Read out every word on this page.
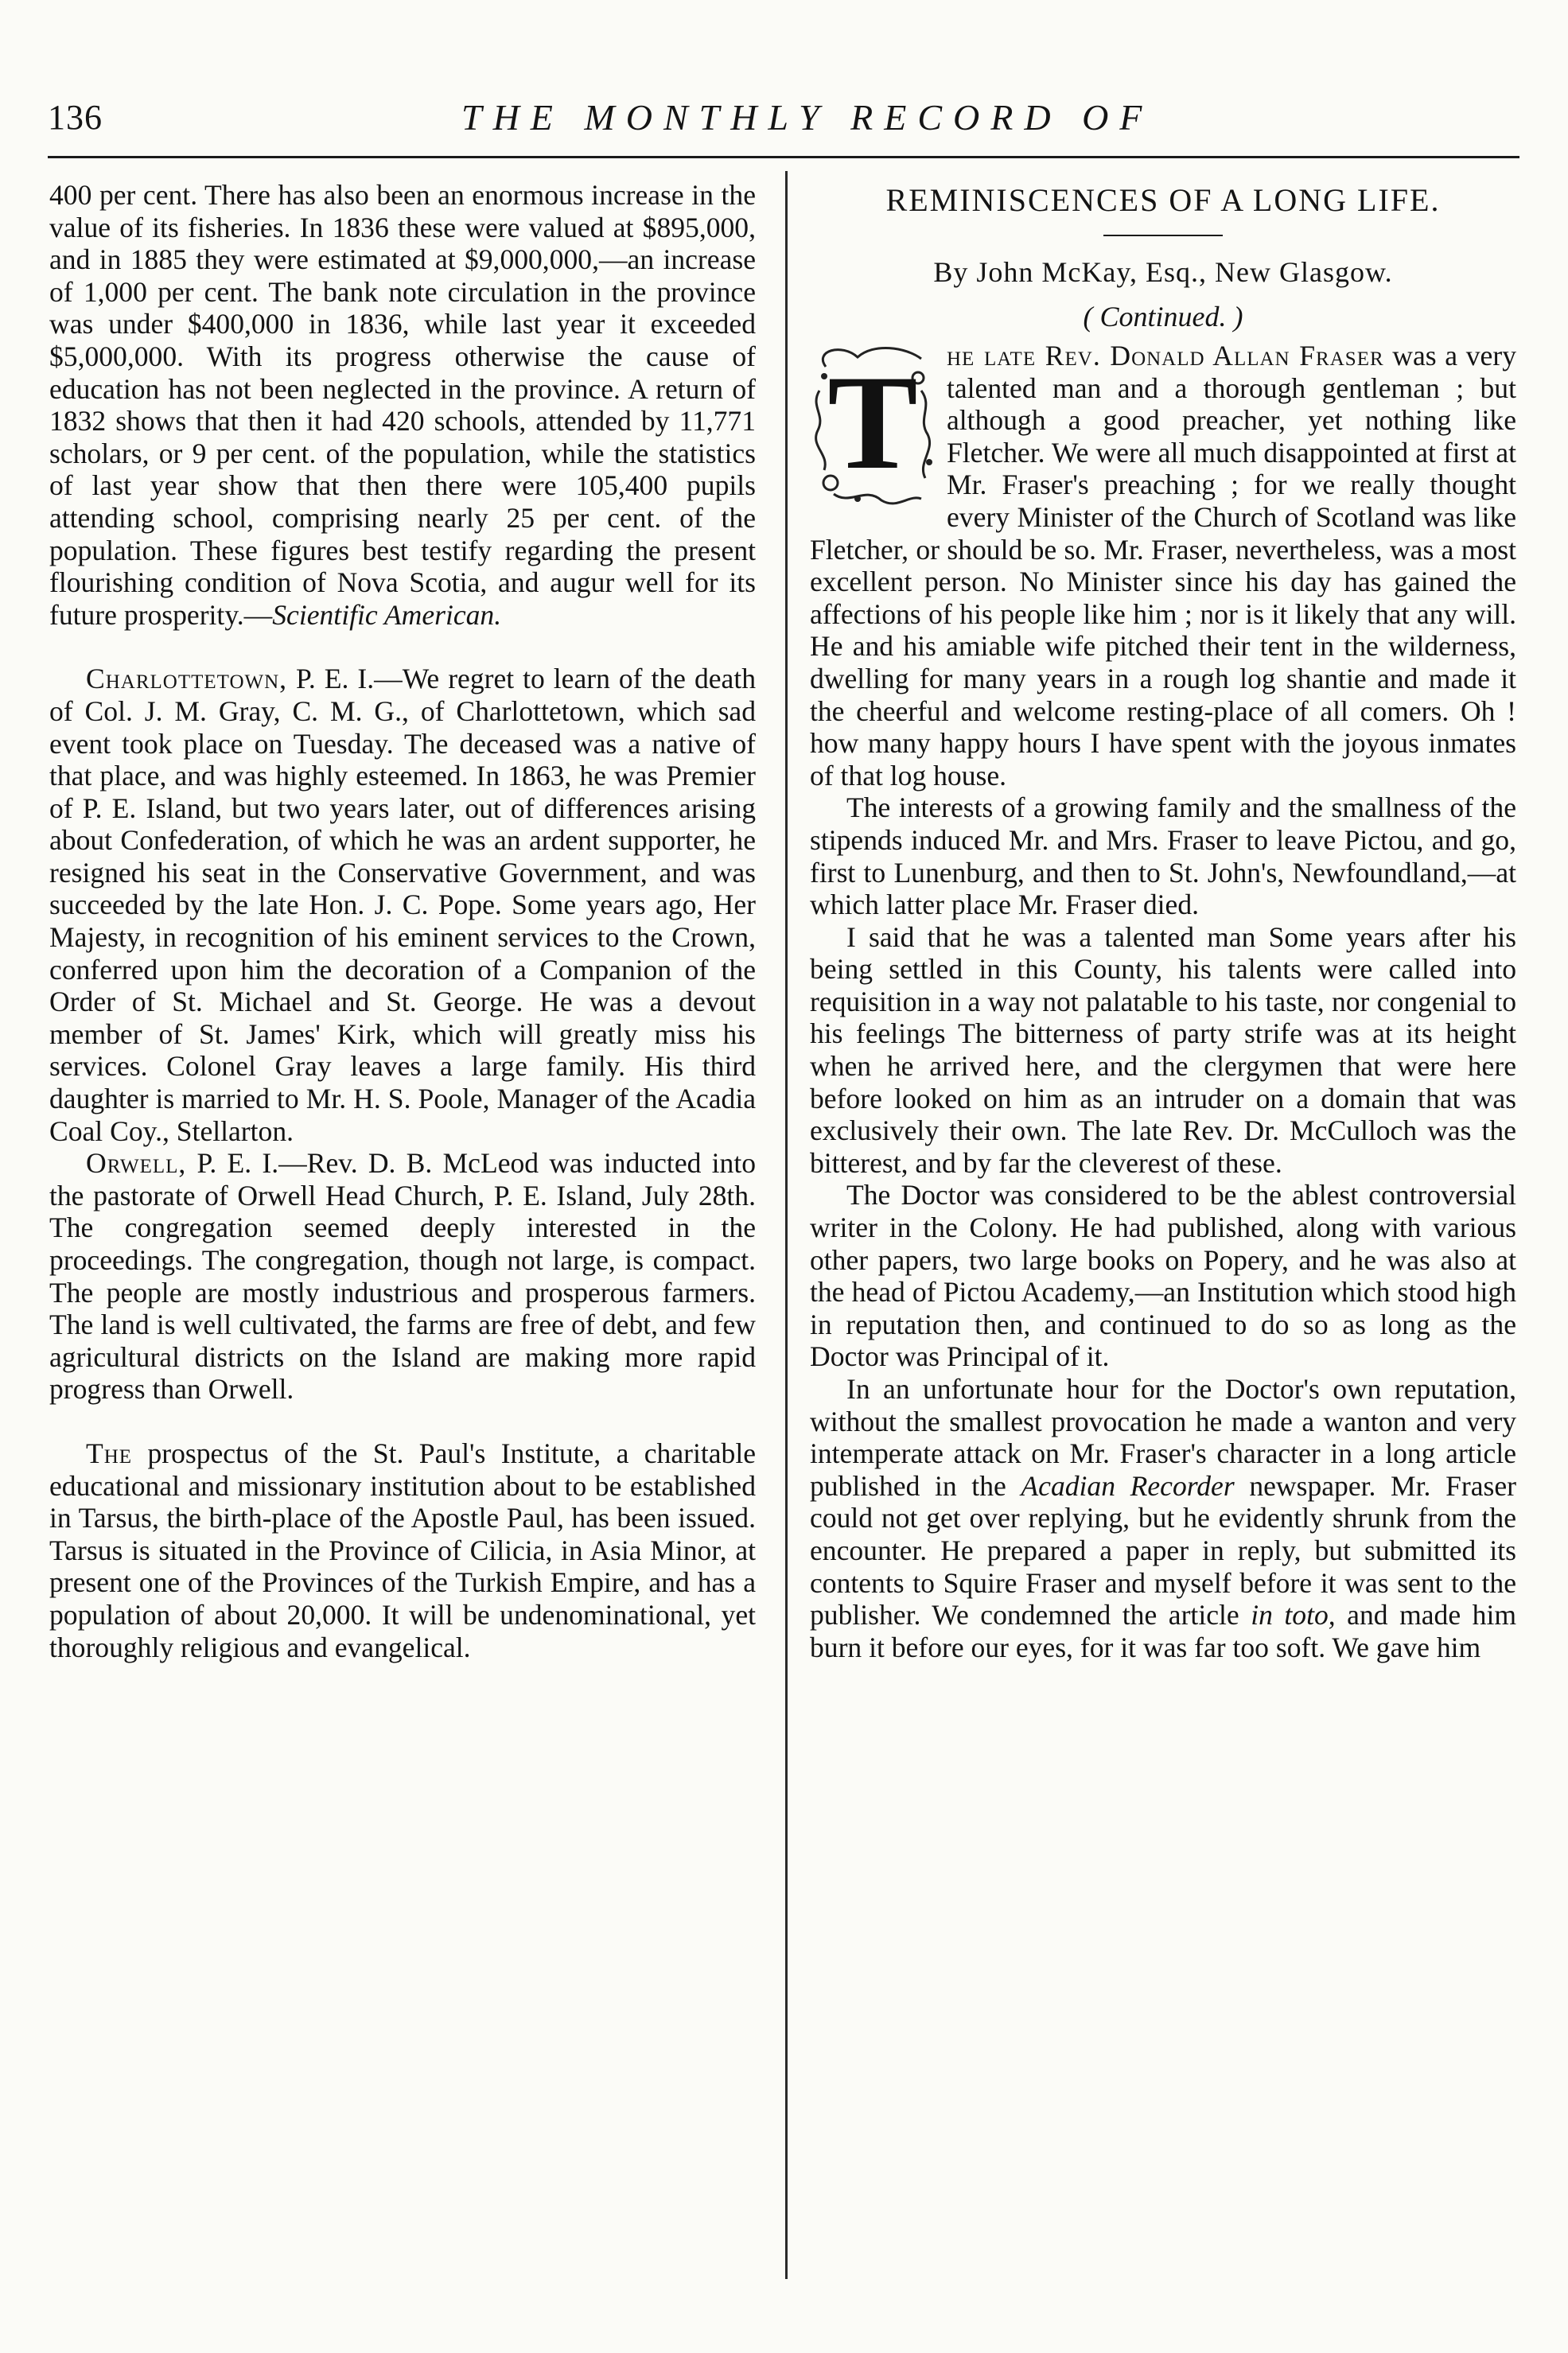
136	THE MONTHLY RECORD OF

400 per cent. There has also been an enormous increase in the value of its fisheries. In 1836 these were valued at $895,000, and in 1885 they were estimated at $9,000,000,—an increase of 1,000 per cent. The bank note circulation in the province was under $400,000 in 1836, while last year it exceeded $5,000,000. With its progress otherwise the cause of education has not been neglected in the province. A return of 1832 shows that then it had 420 schools, attended by 11,771 scholars, or 9 per cent. of the population, while the statistics of last year show that then there were 105,400 pupils attending school, comprising nearly 25 per cent. of the population. These figures best testify regarding the present flourishing condition of Nova Scotia, and augur well for its future prosperity.—Scientific American.

Charlottetown, P. E. I.—We regret to learn of the death of Col. J. M. Gray, C. M. G., of Charlottetown, which sad event took place on Tuesday. The deceased was a native of that place, and was highly esteemed. In 1863, he was Premier of P. E. Island, but two years later, out of differences arising about Confederation, of which he was an ardent supporter, he resigned his seat in the Conservative Government, and was succeeded by the late Hon. J. C. Pope. Some years ago, Her Majesty, in recognition of his eminent services to the Crown, conferred upon him the decoration of a Companion of the Order of St. Michael and St. George. He was a devout member of St. James' Kirk, which will greatly miss his services. Colonel Gray leaves a large family. His third daughter is married to Mr. H. S. Poole, Manager of the Acadia Coal Coy., Stellarton.

Orwell, P. E. I.—Rev. D. B. McLeod was inducted into the pastorate of Orwell Head Church, P. E. Island, July 28th. The congregation seemed deeply interested in the proceedings. The congregation, though not large, is compact. The people are mostly industrious and prosperous farmers. The land is well cultivated, the farms are free of debt, and few agricultural districts on the Island are making more rapid progress than Orwell.

The prospectus of the St. Paul's Institute, a charitable educational and missionary institution about to be established in Tarsus, the birth-place of the Apostle Paul, has been issued. Tarsus is situated in the Province of Cilicia, in Asia Minor, at present one of the Provinces of the Turkish Empire, and has a population of about 20,000. It will be undenominational, yet thoroughly religious and evangelical.

REMINISCENCES OF A LONG LIFE.
By John McKay, Esq., New Glasgow.
( Continued. )

T	he late Rev. Donald Allan Fraser was a very talented man and a thorough gentleman ; but although a good preacher, yet nothing like Fletcher. We were all much disappointed at first at Mr. Fraser's preaching ; for we really thought every Minister of the Church of Scotland was like Fletcher, or should be so. Mr. Fraser, nevertheless, was a most excellent person. No Minister since his day has gained the affections of his people like him ; nor is it likely that any will. He and his amiable wife pitched their tent in the wilderness, dwelling for many years in a rough log shantie and made it the cheerful and welcome resting-place of all comers. Oh ! how many happy hours I have spent with the joyous inmates of that log house.

The interests of a growing family and the smallness of the stipends induced Mr. and Mrs. Fraser to leave Pictou, and go, first to Lunenburg, and then to St. John's, Newfoundland,—at which latter place Mr. Fraser died.

I said that he was a talented man Some years after his being settled in this County, his talents were called into requisition in a way not palatable to his taste, nor congenial to his feelings The bitterness of party strife was at its height when he arrived here, and the clergymen that were here before looked on him as an intruder on a domain that was exclusively their own. The late Rev. Dr. McCulloch was the bitterest, and by far the cleverest of these.

The Doctor was considered to be the ablest controversial writer in the Colony. He had published, along with various other papers, two large books on Popery, and he was also at the head of Pictou Academy,—an Institution which stood high in reputation then, and continued to do so as long as the Doctor was Principal of it.

In an unfortunate hour for the Doctor's own reputation, without the smallest provocation he made a wanton and very intemperate attack on Mr. Fraser's character in a long article published in the Acadian Recorder newspaper. Mr. Fraser could not get over replying, but he evidently shrunk from the encounter. He prepared a paper in reply, but submitted its contents to Squire Fraser and myself before it was sent to the publisher. We condemned the article in toto, and made him burn it before our eyes, for it was far too soft. We gave him
